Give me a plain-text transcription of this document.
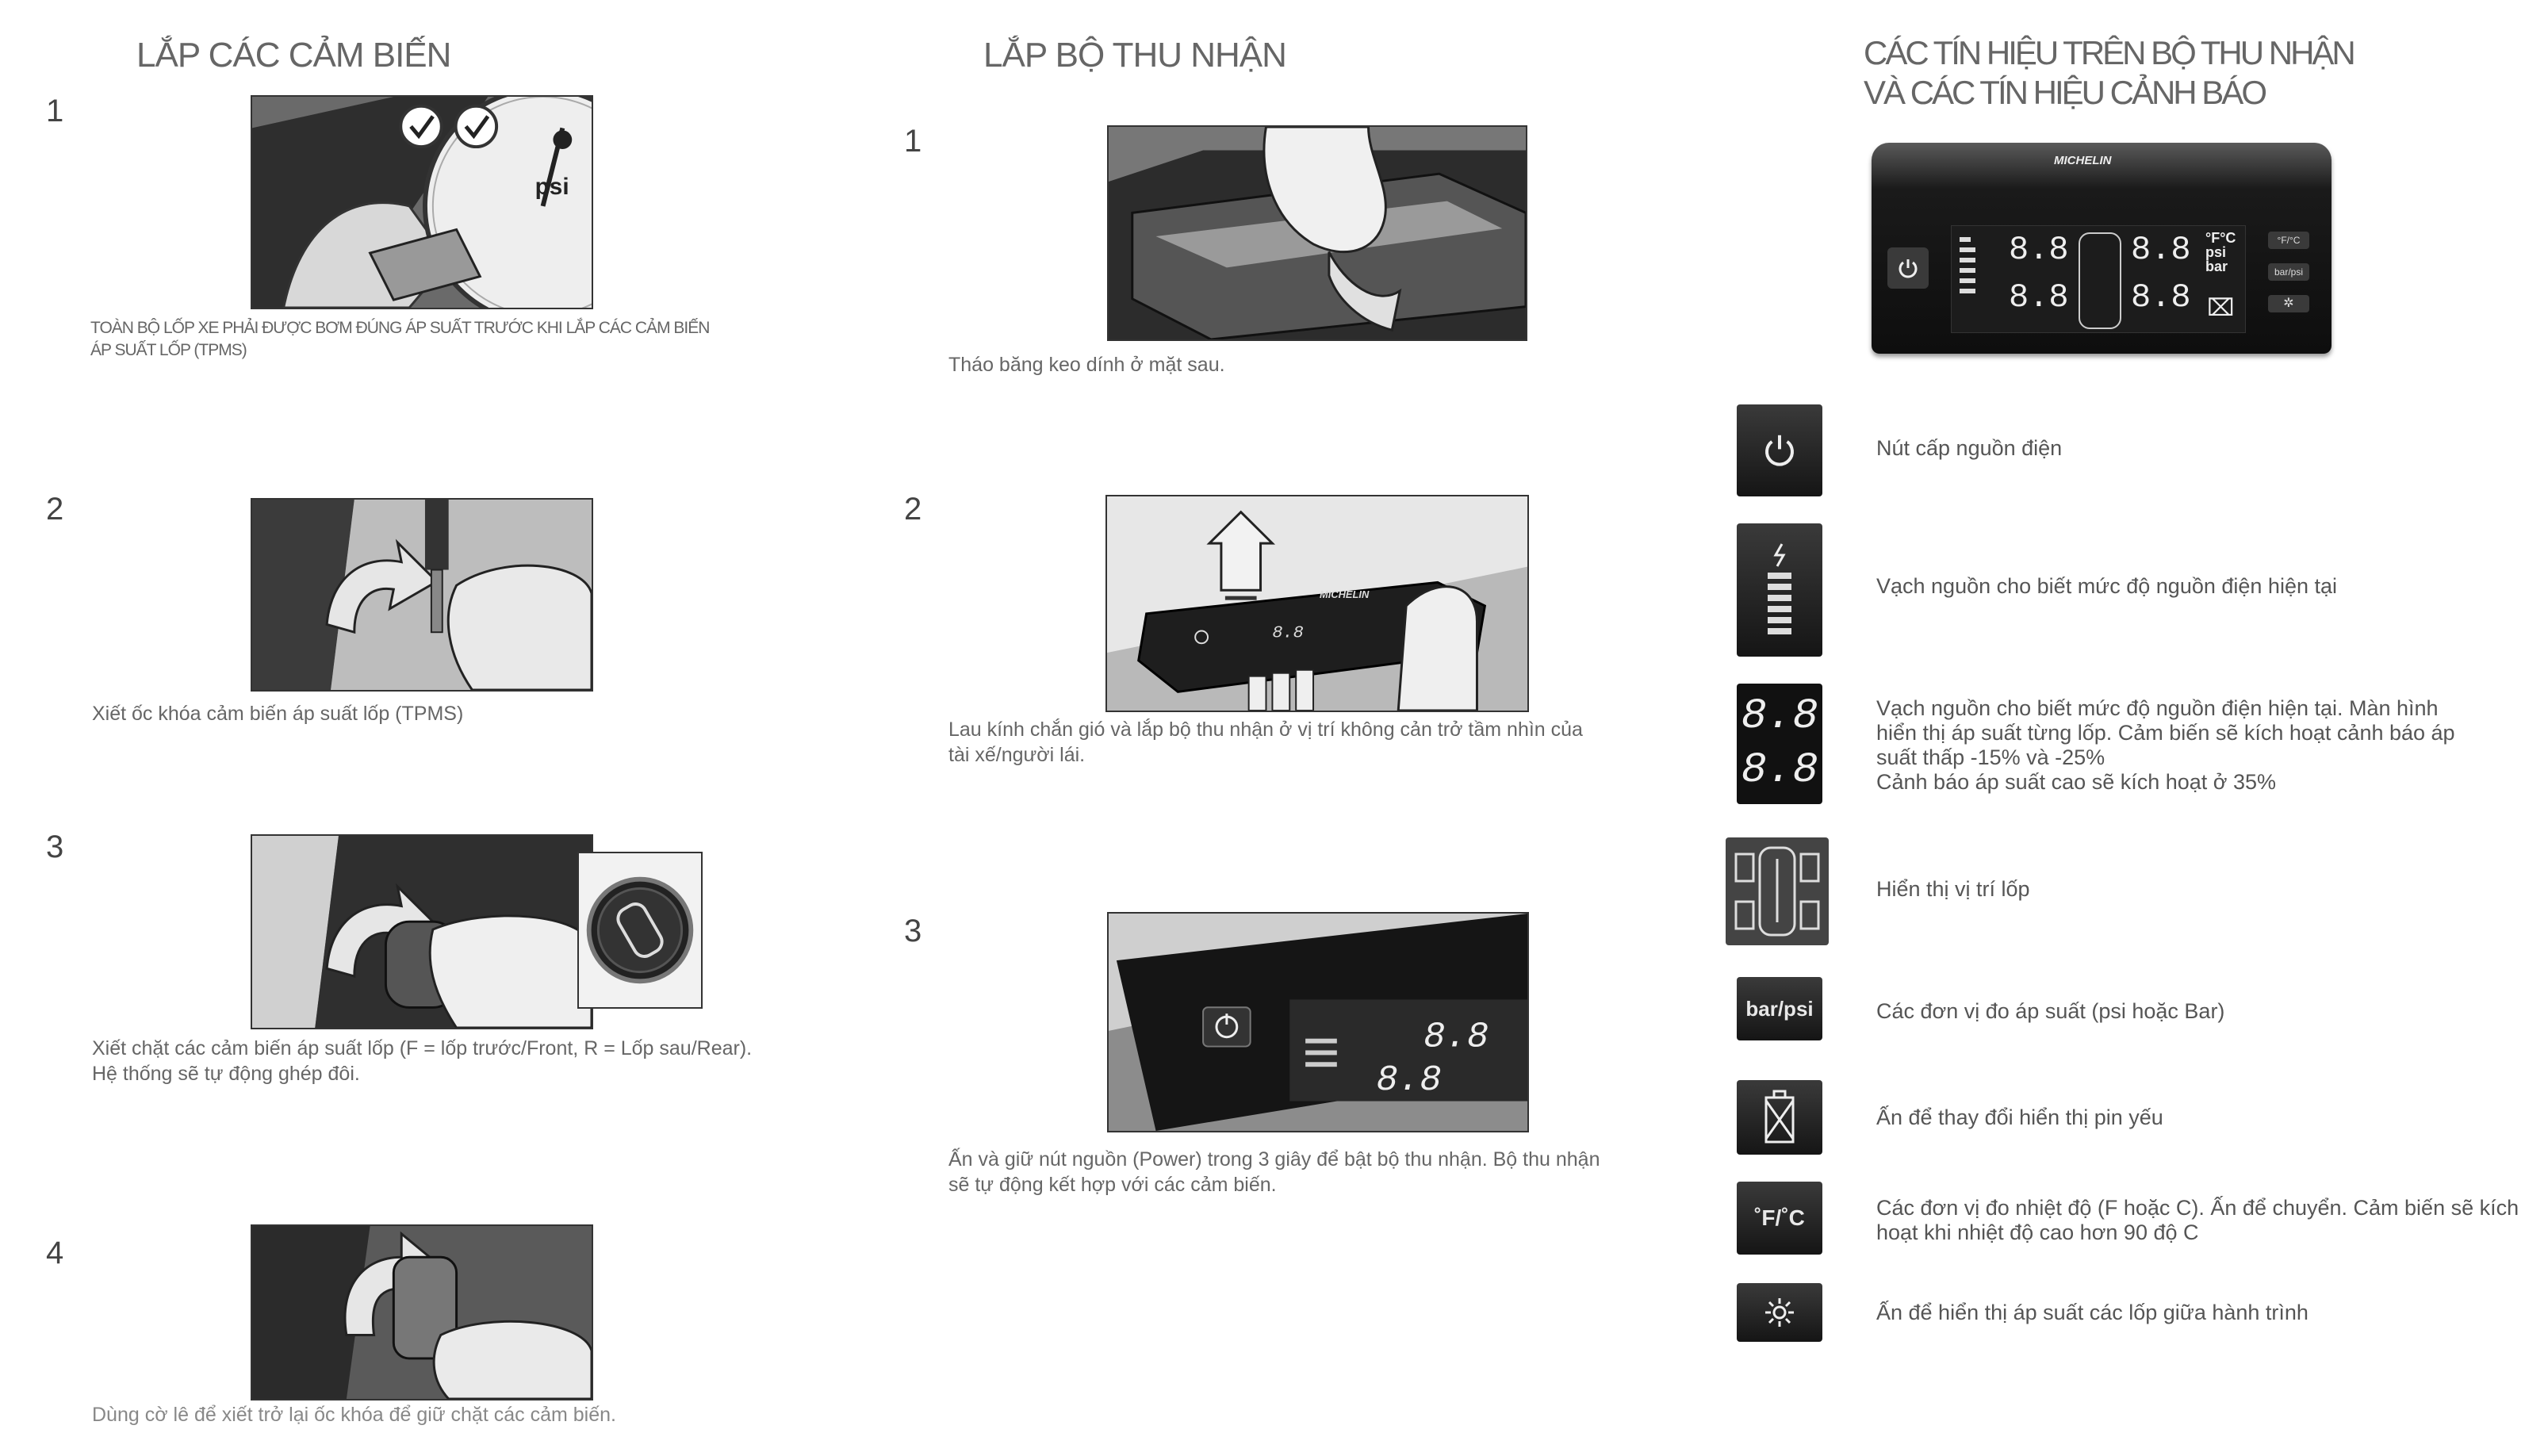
LẮP CÁC CẢM BIẾN
1
psi
TOÀN BỘ LỐP XE PHẢI ĐƯỢC BƠM ĐÚNG ÁP SUẤT TRƯỚC KHI LẮP CÁC CẢM BIẾN
ÁP SUẤT LỐP (TPMS)
2
Xiết ốc khóa cảm biến áp suất lốp (TPMS)
3
Xiết chặt các cảm biến áp suất lốp (F = lốp trước/Front, R = Lốp sau/Rear).
Hệ thống sẽ tự động ghép đôi.
4
Dùng cờ lê để xiết trở lại ốc khóa để giữ chặt các cảm biến.
LẮP BỘ THU NHẬN
1
Tháo băng keo dính ở mặt sau.
2
MICHELIN
8.8
Lau kính chắn gió và lắp bộ thu nhận ở vị trí không cản trở tầm nhìn của
tài xế/người lái.
3
8.8
8.8
Ấn và giữ nút nguồn (Power) trong 3 giây để bật bộ thu nhận. Bộ thu nhận
sẽ tự động kết hợp với các cảm biến.
CÁC TÍN HIỆU TRÊN BỘ THU NHẬN
VÀ CÁC TÍN HIỆU CẢNH BÁO
MICHELIN
8.8
8.8
8.8
8.8
°F°C
psi
bar
⌧
°F/°C
bar/psi
✲
Nút cấp nguồn điện
Vạch nguồn cho biết mức độ nguồn điện hiện tại
8.8
8.8
Vạch nguồn cho biết mức độ nguồn điện hiện tại. Màn hình
hiển thị áp suất từng lốp. Cảm biến sẽ kích hoạt cảnh báo áp
suất thấp -15% và -25%
Cảnh báo áp suất cao sẽ kích hoạt ở 35%
Hiển thị vị trí lốp
bar/psi	Các đơn vị đo áp suất (psi hoặc Bar)
Ấn để thay đổi hiển thị pin yếu
˚F/˚C	Các đơn vị đo nhiệt độ (F hoặc C). Ấn để chuyển. Cảm biến sẽ kích
hoạt khi nhiệt độ cao hơn 90 độ C
Ấn để hiển thị áp suất các lốp giữa hành trình
